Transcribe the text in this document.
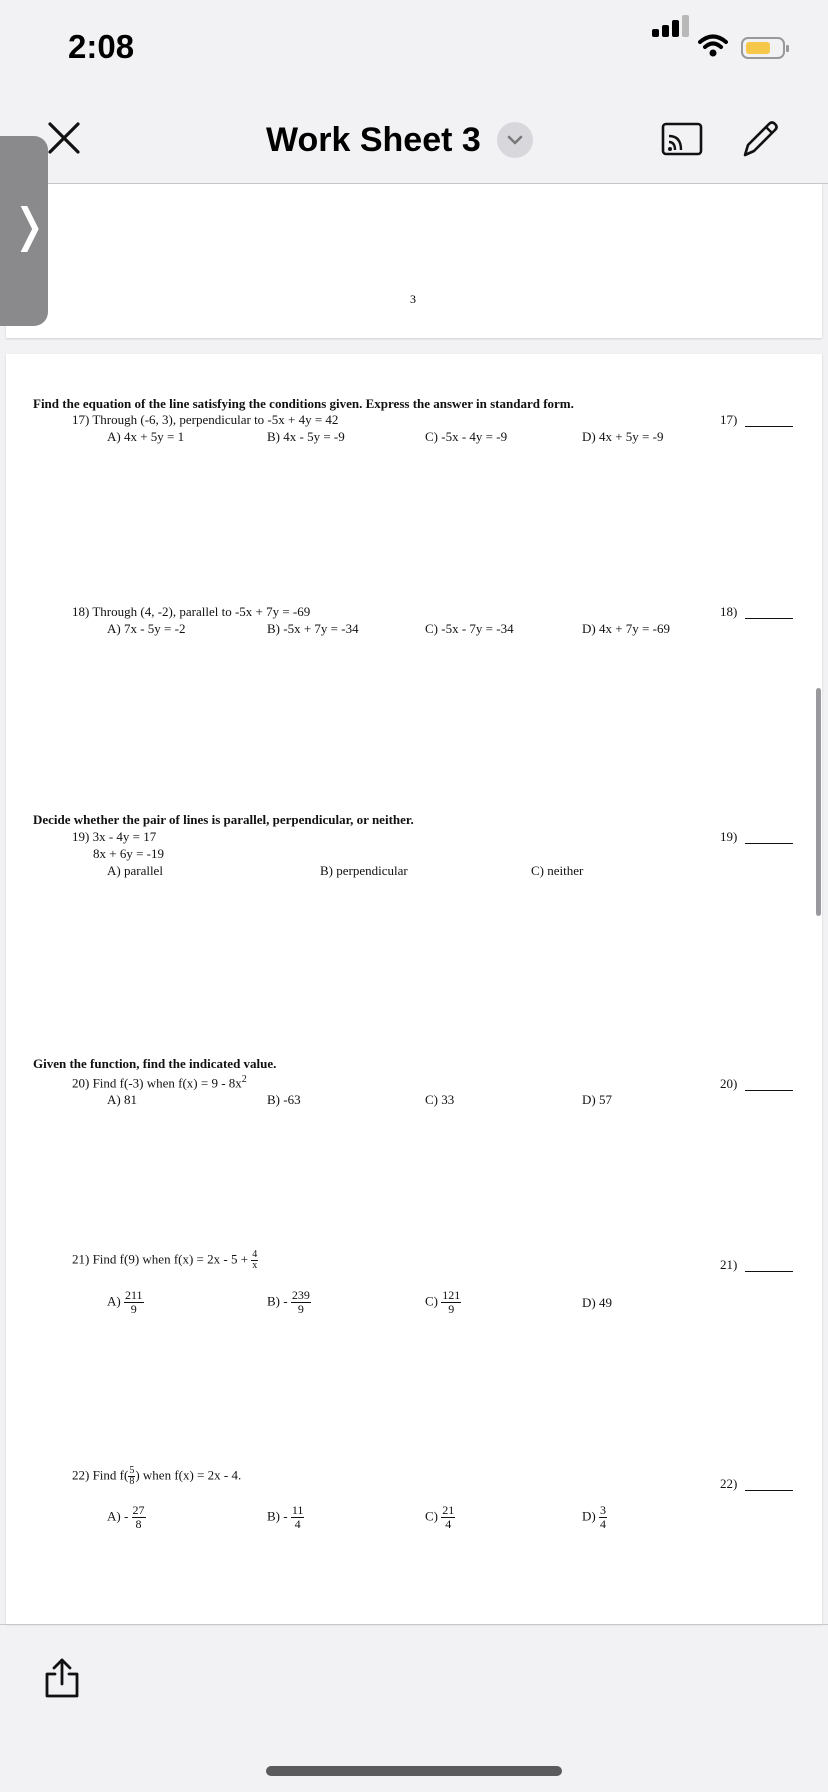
2:08
Work Sheet 3
❭
3
Find the equation of the line satisfying the conditions given. Express the answer in standard form.
17) Through (-6, 3), perpendicular to -5x + 4y = 42
A) 4x + 5y = 1	B) 4x - 5y = -9	C) -5x - 4y = -9	D) 4x + 5y = -9
17)
18) Through (4, -2), parallel to -5x + 7y = -69
A) 7x - 5y = -2	B) -5x + 7y = -34	C) -5x - 7y = -34	D) 4x + 7y = -69
18)
Decide whether the pair of lines is parallel, perpendicular, or neither.
19) 3x - 4y = 17
8x + 6y = -19
A) parallel	B) perpendicular	C) neither
19)
Given the function, find the indicated value.
20) Find f(-3) when $f(x) = 9 - 8x^2$
A) 81	B) -63	C) 33	D) 57
20)
21) Find f(9) when $f(x) = 2x - 5 + \frac{4}{x}$
$A) \frac{211}{9}$	$B) - \frac{239}{9}$	$C) \frac{121}{9}$	D) 49
21)
22) Find $f( \frac{5}{8}$ ) when f(x) = 2x - 4.
$A) - \frac{27}{8}$	$B) - \frac{11}{4}$	$C) \frac{21}{4}$	$D) \frac{3}{4}$
22)
